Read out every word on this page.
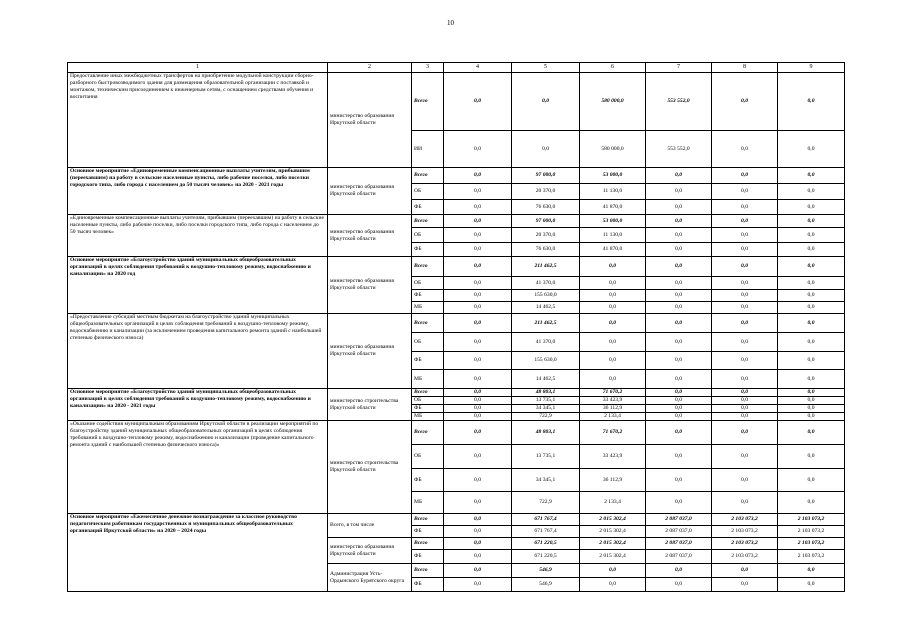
10
1	2	3	4	5	6	7	8	9
Предоставление иных межбюджетных трансфертов на приобретение модульной конструкции сборно-разборного быстровозводимого здания для размещения образовательной организации с поставкой и монтажом, техническим присоединением к инженерным сетям, с оснащением средствами обучения и воспитания	министерство образования Иркутской области	Всего	0,0	0,0	580 000,0	553 552,0	0,0	0,0
		ИИ	0,0	0,0	580 000,0	553 552,0	0,0	0,0
Основное мероприятие «Единовременные компенсационные выплаты учителям, прибывшим (переехавшим) на работу в сельские населенные пункты, либо рабочие поселки, либо поселки городского типа, либо города с населением до 50 тысяч человек» на 2020 - 2021 годы	министерство образования Иркутской области	Всего	0,0	97 000,0	53 000,0	0,0	0,0	0,0
		ОБ	0,0	20 370,0	11 130,0	0,0	0,0	0,0
		ФБ	0,0	76 630,0	41 870,0	0,0	0,0	0,0
«Единовременные компенсационные выплаты учителям, прибывшим (переехавшим) на работу в сельские населенные пункты, либо рабочие поселки, либо поселки городского типа, либо города с населением до 50 тысяч человек»	министерство образования Иркутской области	Всего	0,0	97 000,0	53 000,0	0,0	0,0	0,0
		ОБ	0,0	20 370,0	11 130,0	0,0	0,0	0,0
		ФБ	0,0	76 630,0	41 870,0	0,0	0,0	0,0
Основное мероприятие «Благоустройство зданий муниципальных общеобразовательных организаций в целях соблюдения требований к воздушно-тепловому режиму, водоснабжению и канализации» на 2020 год	министерство образования Иркутской области	Всего	0,0	211 462,5	0,0	0,0	0,0	0,0
		ОБ	0,0	41 370,0	0,0	0,0	0,0	0,0
		ФБ	0,0	155 630,0	0,0	0,0	0,0	0,0
		МБ	0,0	14 462,5	0,0	0,0	0,0	0,0
«Предоставление субсидий местным бюджетам на благоустройство зданий муниципальных общеобразовательных организаций в целях соблюдения требований к воздушно-тепловому режиму, водоснабжению и канализации (за исключением проведения капитального ремонта зданий с наибольшей степенью физического износа)	министерство образования Иркутской области	Всего	0,0	211 462,5	0,0	0,0	0,0	0,0
		ОБ	0,0	41 370,0	0,0	0,0	0,0	0,0
		ФБ	0,0	155 630,0	0,0	0,0	0,0	0,0
		МБ	0,0	14 462,5	0,0	0,0	0,0	0,0
Основное мероприятие «Благоустройство зданий муниципальных общеобразовательных организаций в целях соблюдения требований к воздушно-тепловому режиму, водоснабжению и канализации» на 2020 - 2021 годы	министерство строительства Иркутской области	Всего	0,0	48 803,1	71 670,2	0,0	0,0	0,0
		ОБ	0,0	13 735,1	33 423,9	0,0	0,0	0,0
		ФБ	0,0	34 345,1	36 112,9	0,0	0,0	0,0
		МБ	0,0	722,9	2 133,4	0,0	0,0	0,0
«Оказание содействия муниципальным образованиям Иркутской области в реализации мероприятий по благоустройству зданий муниципальных общеобразовательных организаций в целях соблюдения требований к воздушно-тепловому режиму, водоснабжению и канализации (проведение капитального ремонта зданий с наибольшей степенью физического износа)»	министерство строительства Иркутской области	Всего	0,0	48 803,1	71 670,2	0,0	0,0	0,0
		ОБ	0,0	13 735,1	33 423,9	0,0	0,0	0,0
		ФБ	0,0	34 345,1	36 112,9	0,0	0,0	0,0
		МБ	0,0	722,9	2 133,4	0,0	0,0	0,0
Основное мероприятие «Ежемесячное денежное вознаграждение за классное руководство педагогическим работникам государственных и муниципальных общеобразовательных организаций Иркутской области» на 2020 – 2024 годы	Всего, в том числе	Всего	0,0	671 767,4	2 015 302,4	2 087 037,0	2 103 073,2	2 103 073,2
		ФБ	0,0	671 767,4	2 015 302,4	2 087 037,0	2 103 073,2	2 103 073,2
	министерство образования Иркутской области	Всего	0,0	671 220,5	2 015 302,4	2 087 037,0	2 103 073,2	2 103 073,2
		ФБ	0,0	671 220,5	2 015 302,4	2 087 037,0	2 103 073,2	2 103 073,2
	Администрация Усть-Ордынского Бурятского округа	Всего	0,0	546,9	0,0	0,0	0,0	0,0
		ФБ	0,0	546,9	0,0	0,0	0,0	0,0
